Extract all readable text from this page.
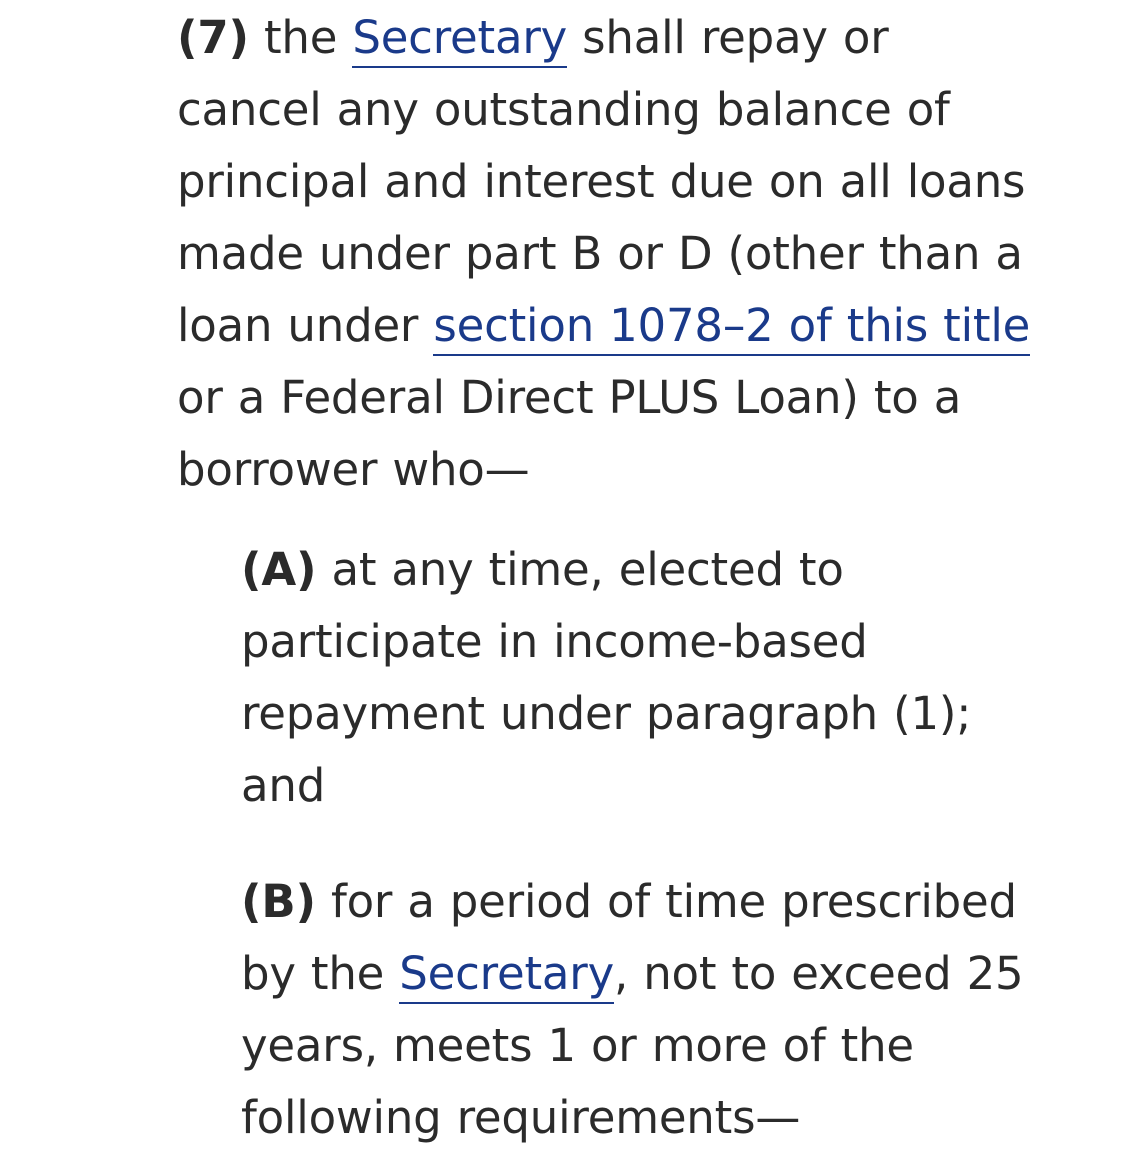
(7) the Secretary shall repay or cancel any outstanding balance of principal and interest due on all loans made under part B or D (other than a loan under section 1078–2 of this title or a Federal Direct PLUS Loan) to a borrower who—
(A) at any time, elected to participate in income-based repayment under paragraph (1); and
(B) for a period of time prescribed by the Secretary, not to exceed 25 years, meets 1 or more of the following requirements—
